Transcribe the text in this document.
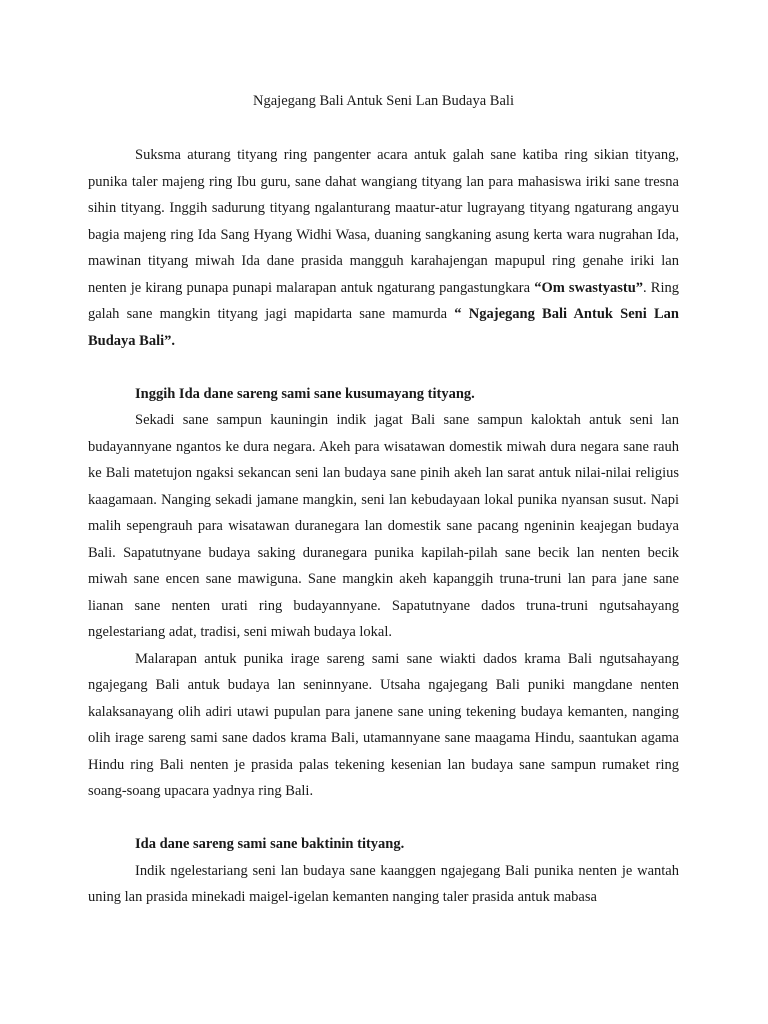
Ngajegang Bali Antuk Seni Lan Budaya Bali

Suksma aturang tityang ring pangenter acara antuk galah sane katiba ring sikian tityang, punika taler majeng ring Ibu guru, sane dahat wangiang tityang lan para mahasiswa iriki sane tresna sihin tityang. Inggih sadurung tityang ngalanturang maatur-atur lugrayang tityang ngaturang angayu bagia majeng ring Ida Sang Hyang Widhi Wasa, duaning sangkaning asung kerta wara nugrahan Ida, mawinan tityang miwah Ida dane prasida mangguh karahajengan mapupul ring genahe iriki lan nenten je kirang punapa punapi malarapan antuk ngaturang pangastungkara “Om swastyastu”. Ring galah sane mangkin tityang jagi mapidarta sane mamurda “ Ngajegang Bali Antuk Seni Lan Budaya Bali”.

Inggih Ida dane sareng sami sane kusumayang tityang.

Sekadi sane sampun kauningin indik jagat Bali sane sampun kaloktah antuk seni lan budayannyane ngantos ke dura negara. Akeh para wisatawan domestik miwah dura negara sane rauh ke Bali matetujon ngaksi sekancan seni lan budaya sane pinih akeh lan sarat antuk nilai-nilai religius kaagamaan. Nanging sekadi jamane mangkin, seni lan kebudayaan lokal punika nyansan susut. Napi malih sepengrauh para wisatawan duranegara lan domestik sane pacang ngeninin keajegan budaya Bali. Sapatutnyane budaya saking duranegara punika kapilah-pilah sane becik lan nenten becik miwah sane encen sane mawiguna. Sane mangkin akeh kapanggih truna-truni lan para jane sane lianan sane nenten urati ring budayannyane. Sapatutnyane dados truna-truni ngutsahayang ngelestariang adat, tradisi, seni miwah budaya lokal.

Malarapan antuk punika irage sareng sami sane wiakti dados krama Bali ngutsahayang ngajegang Bali antuk budaya lan seninnyane. Utsaha ngajegang Bali puniki mangdane nenten kalaksanayang olih adiri utawi pupulan para janene sane uning tekening budaya kemanten, nanging olih irage sareng sami sane dados krama Bali, utamannyane sane maagama Hindu, saantukan agama Hindu ring Bali nenten je prasida palas tekening kesenian lan budaya sane sampun rumaket ring soang-soang upacara yadnya ring Bali.

Ida dane sareng sami sane baktinin tityang.

Indik ngelestariang seni lan budaya sane kaanggen ngajegang Bali punika nenten je wantah uning lan prasida minekadi maigel-igelan kemanten nanging taler prasida antuk mabasa
